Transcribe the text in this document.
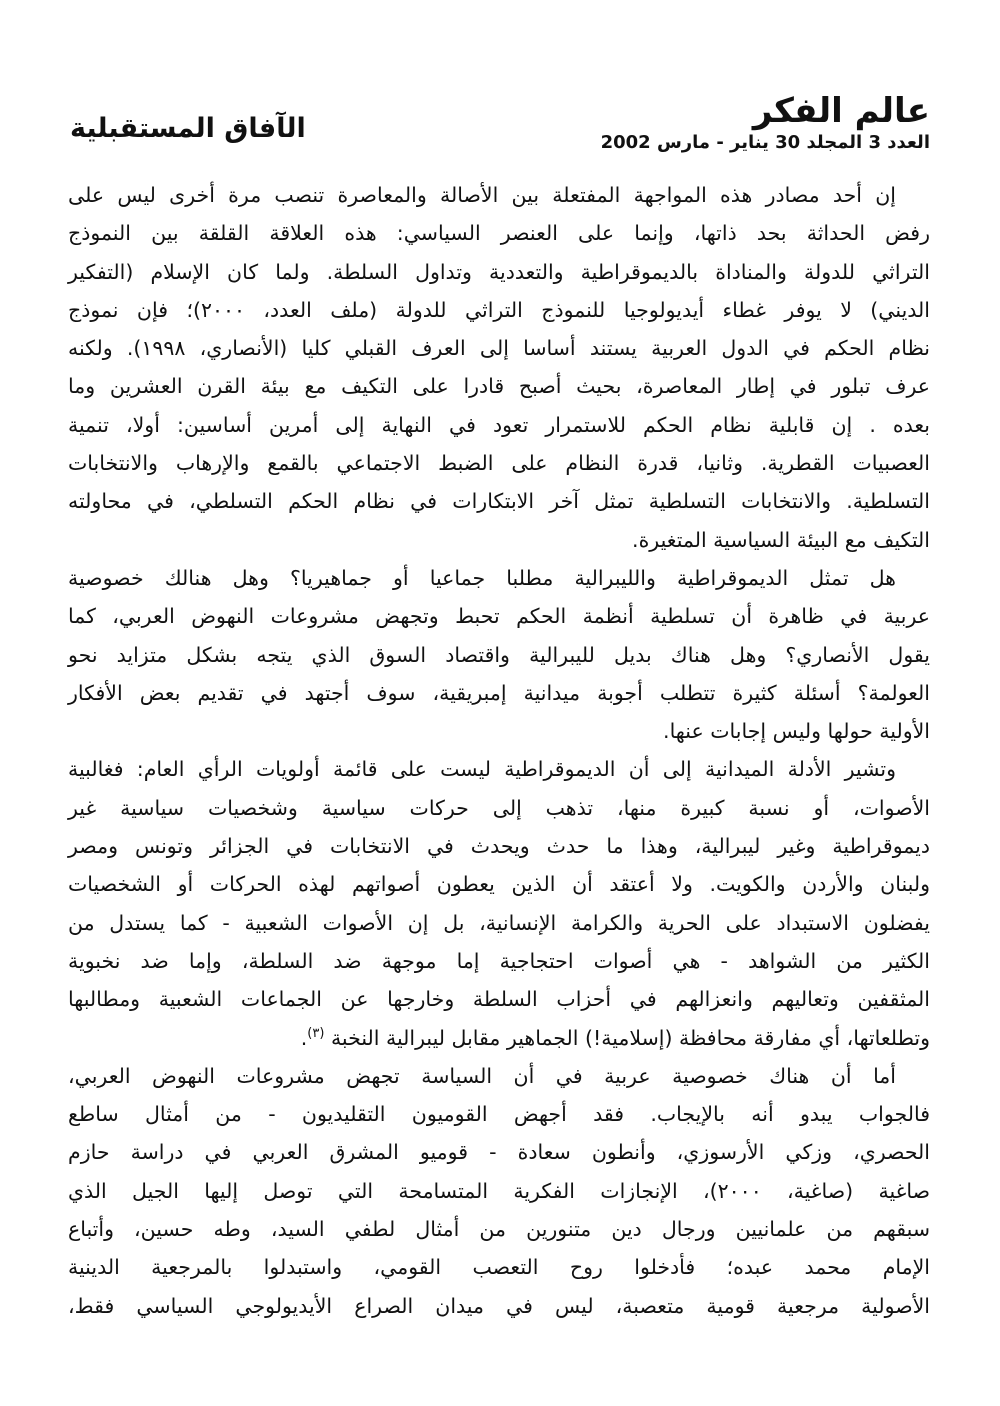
عالم الفكر
العدد 3 المجلد 30 يناير - مارس 2002
الآفاق المستقبلية

إن أحد مصادر هذه المواجهة المفتعلة بين الأصالة والمعاصرة تنصب مرة أخرى ليس على
رفض الحداثة بحد ذاتها، وإنما على العنصر السياسي: هذه العلاقة القلقة بين النموذج
التراثي للدولة والمناداة بالديموقراطية والتعددية وتداول السلطة. ولما كان الإسلام (التفكير
الديني) لا يوفر غطاء أيديولوجيا للنموذج التراثي للدولة (ملف العدد، ٢٠٠٠)؛ فإن نموذج
نظام الحكم في الدول العربية يستند أساسا إلى العرف القبلي كليا (الأنصاري، ١٩٩٨). ولكنه
عرف تبلور في إطار المعاصرة، بحيث أصبح قادرا على التكيف مع بيئة القرن العشرين وما
بعده . إن قابلية نظام الحكم للاستمرار تعود في النهاية إلى أمرين أساسين: أولا، تنمية
العصبيات القطرية. وثانيا، قدرة النظام على الضبط الاجتماعي بالقمع والإرهاب والانتخابات
التسلطية. والانتخابات التسلطية تمثل آخر الابتكارات في نظام الحكم التسلطي، في محاولته
التكيف مع البيئة السياسية المتغيرة.

هل تمثل الديموقراطية والليبرالية مطلبا جماعيا أو جماهيريا؟ وهل هنالك خصوصية
عربية في ظاهرة أن تسلطية أنظمة الحكم تحبط وتجهض مشروعات النهوض العربي، كما
يقول الأنصاري؟ وهل هناك بديل لليبرالية واقتصاد السوق الذي يتجه بشكل متزايد نحو
العولمة؟ أسئلة كثيرة تتطلب أجوبة ميدانية إمبريقية، سوف أجتهد في تقديم بعض الأفكار
الأولية حولها وليس إجابات عنها.

وتشير الأدلة الميدانية إلى أن الديموقراطية ليست على قائمة أولويات الرأي العام: فغالبية
الأصوات، أو نسبة كبيرة منها، تذهب إلى حركات سياسية وشخصيات سياسية غير
ديموقراطية وغير ليبرالية، وهذا ما حدث ويحدث في الانتخابات في الجزائر وتونس ومصر
ولبنان والأردن والكويت. ولا أعتقد أن الذين يعطون أصواتهم لهذه الحركات أو الشخصيات
يفضلون الاستبداد على الحرية والكرامة الإنسانية، بل إن الأصوات الشعبية - كما يستدل من
الكثير من الشواهد - هي أصوات احتجاجية إما موجهة ضد السلطة، وإما ضد نخبوية
المثقفين وتعاليهم وانعزالهم في أحزاب السلطة وخارجها عن الجماعات الشعبية ومطالبها
وتطلعاتها، أي مفارقة محافظة (إسلامية!) الجماهير مقابل ليبرالية النخبة $^{(٣)}$.

أما أن هناك خصوصية عربية في أن السياسة تجهض مشروعات النهوض العربي،
فالجواب يبدو أنه بالإيجاب. فقد أجهض القوميون التقليديون - من أمثال ساطع
الحصري، وزكي الأرسوزي، وأنطون سعادة - قوميو المشرق العربي في دراسة حازم
صاغية (صاغية، ٢٠٠٠)، الإنجازات الفكرية المتسامحة التي توصل إليها الجيل الذي
سبقهم من علمانيين ورجال دين متنورين من أمثال لطفي السيد، وطه حسين، وأتباع
الإمام محمد عبده؛ فأدخلوا روح التعصب القومي، واستبدلوا بالمرجعية الدينية
الأصولية مرجعية قومية متعصبة، ليس في ميدان الصراع الأيديولوجي السياسي فقط،
